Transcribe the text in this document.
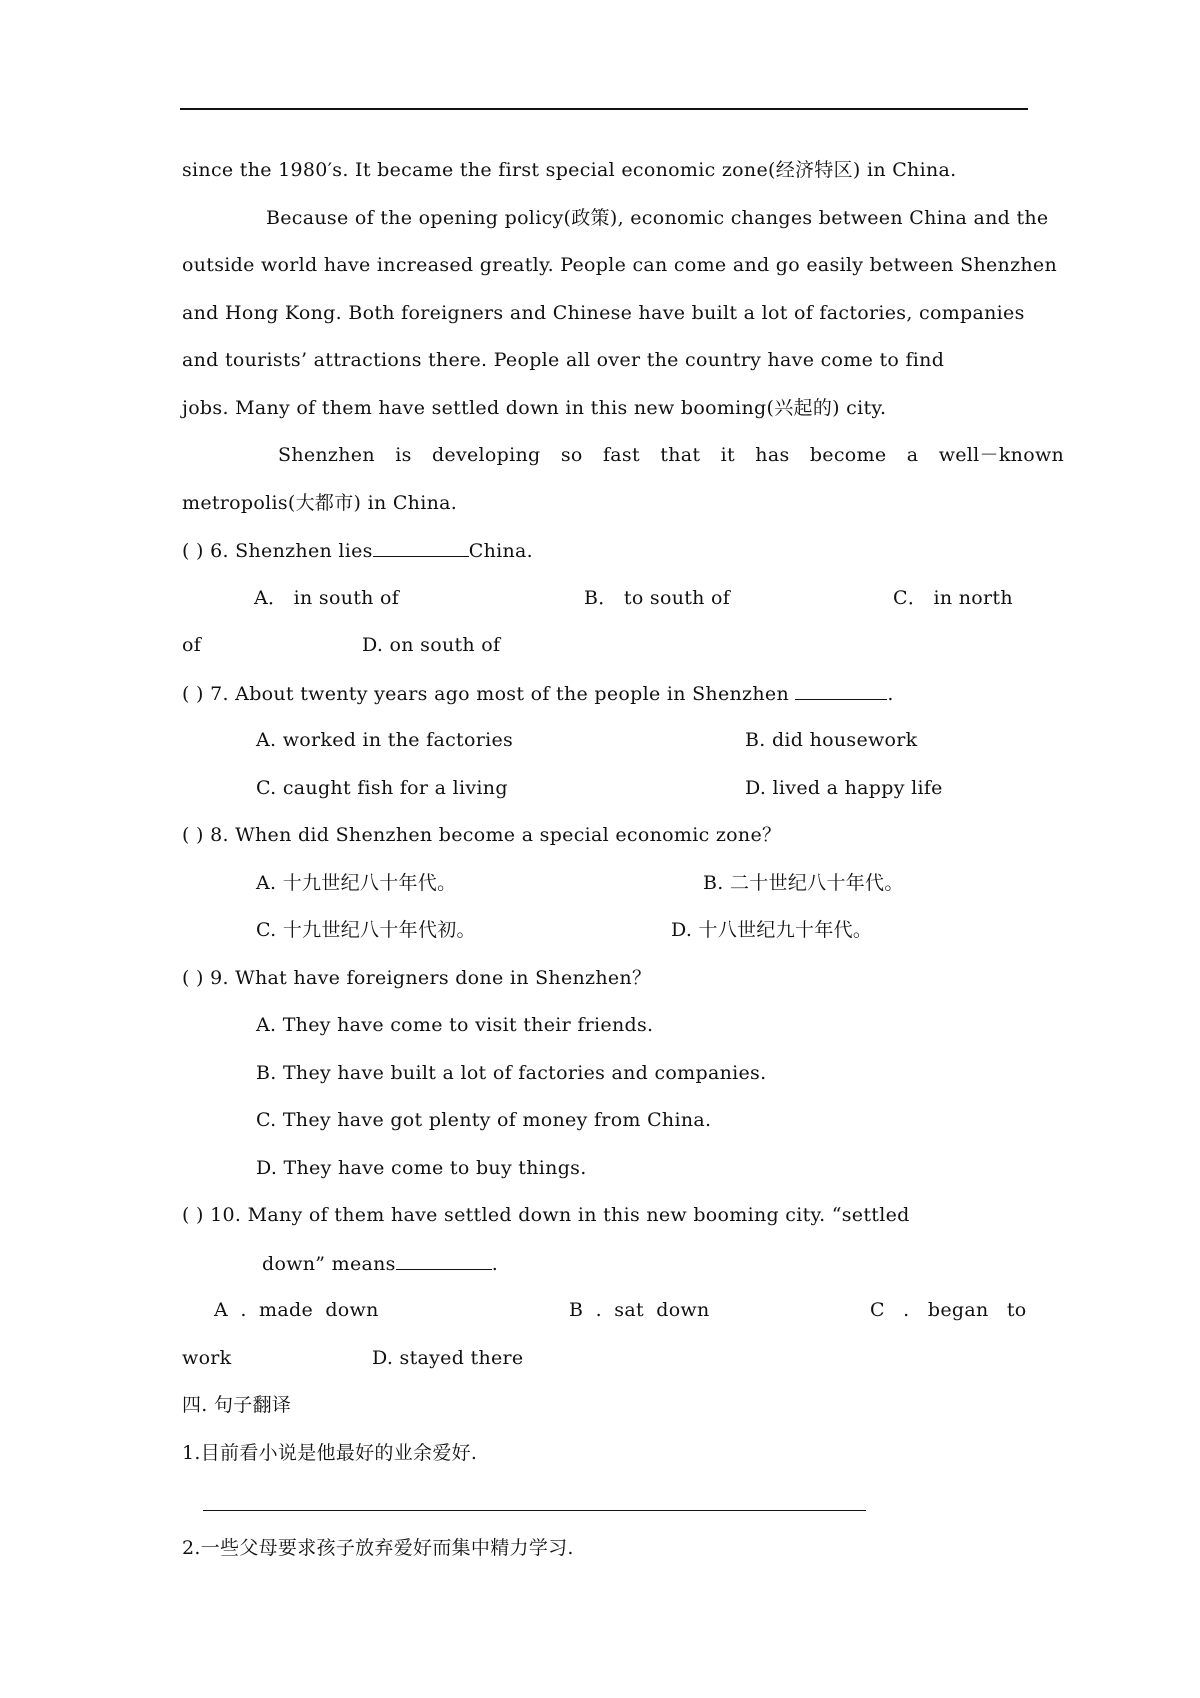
since the 1980′s. It became the first special economic zone(经济特区) in China.
Because of the opening policy(政策), economic changes between China and the
outside world have increased greatly. People can come and go easily between Shenzhen
and Hong Kong. Both foreigners and Chinese have built a lot of factories, companies
and tourists’ attractions there. People all over the country have come to find
jobs. Many of them have settled down in this new booming(兴起的) city.
Shenzhen is developing so fast that it has become a well－known
metropolis(大都市) in China.
( ) 6. Shenzhen lies	China.
A． in south of	B． to south of	C． in north
of	D. on south of
( ) 7. About twenty years ago most of the people in Shenzhen	.
A. worked in the factories	B. did housework
C. caught fish for a living	D. lived a happy life
( ) 8. When did Shenzhen become a special economic zone？
A. 十九世纪八十年代。	B. 二十世纪八十年代。
C. 十九世纪八十年代初。	D. 十八世纪九十年代。
( ) 9. What have foreigners done in Shenzhen？
A. They have come to visit their friends.
B. They have built a lot of factories and companies.
C. They have got plenty of money from China.
D. They have come to buy things.
( ) 10. Many of them have settled down in this new booming city. “settled
down” means	.
A . made down	B . sat down	C . began to
work	D. stayed there
四. 句子翻译
1.目前看小说是他最好的业余爱好.
2.一些父母要求孩子放弃爱好而集中精力学习.
